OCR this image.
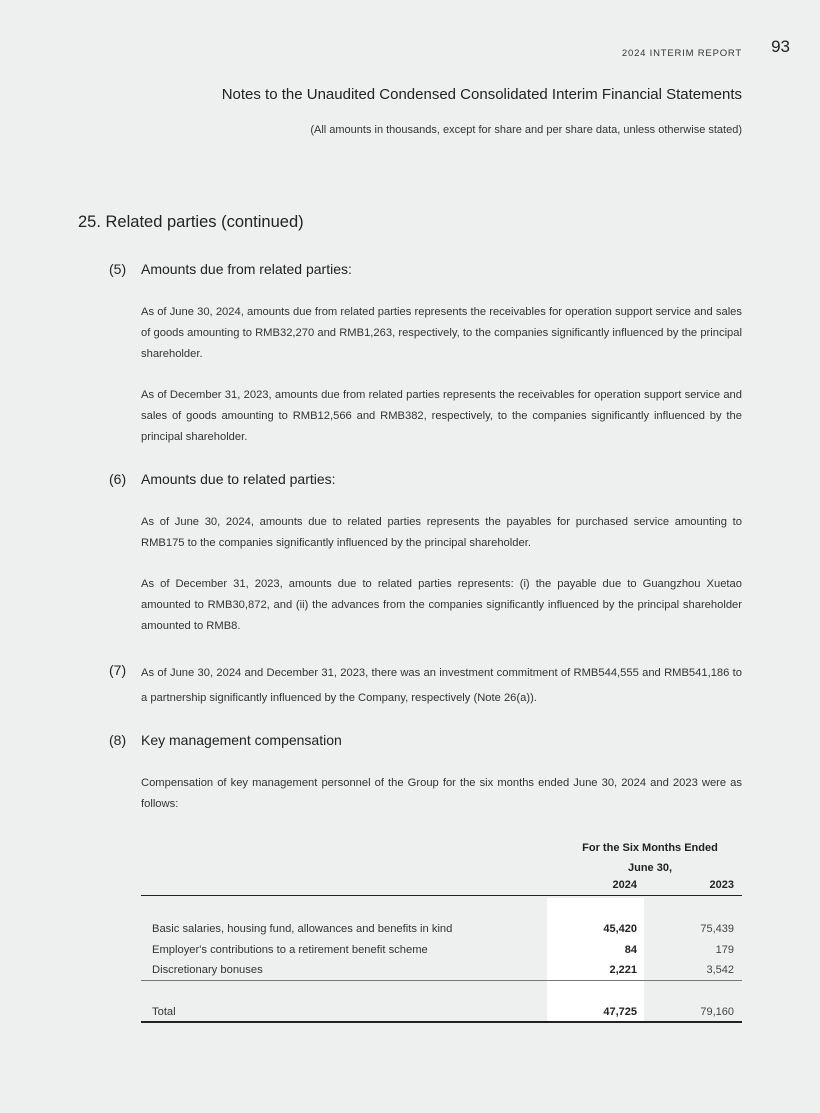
2024 INTERIM REPORT 93
Notes to the Unaudited Condensed Consolidated Interim Financial Statements
(All amounts in thousands, except for share and per share data, unless otherwise stated)
25. Related parties (continued)
(5) Amounts due from related parties:
As of June 30, 2024, amounts due from related parties represents the receivables for operation support service and sales of goods amounting to RMB32,270 and RMB1,263, respectively, to the companies significantly influenced by the principal shareholder.
As of December 31, 2023, amounts due from related parties represents the receivables for operation support service and sales of goods amounting to RMB12,566 and RMB382, respectively, to the companies significantly influenced by the principal shareholder.
(6) Amounts due to related parties:
As of June 30, 2024, amounts due to related parties represents the payables for purchased service amounting to RMB175 to the companies significantly influenced by the principal shareholder.
As of December 31, 2023, amounts due to related parties represents: (i) the payable due to Guangzhou Xuetao amounted to RMB30,872, and (ii) the advances from the companies significantly influenced by the principal shareholder amounted to RMB8.
(7) As of June 30, 2024 and December 31, 2023, there was an investment commitment of RMB544,555 and RMB541,186 to a partnership significantly influenced by the Company, respectively (Note 26(a)).
(8) Key management compensation
Compensation of key management personnel of the Group for the six months ended June 30, 2024 and 2023 were as follows:
For the Six Months Ended
June 30,
2024	2023
Basic salaries, housing fund, allowances and benefits in kind	45,420	75,439
Employer's contributions to a retirement benefit scheme	84	179
Discretionary bonuses	2,221	3,542
Total	47,725	79,160
